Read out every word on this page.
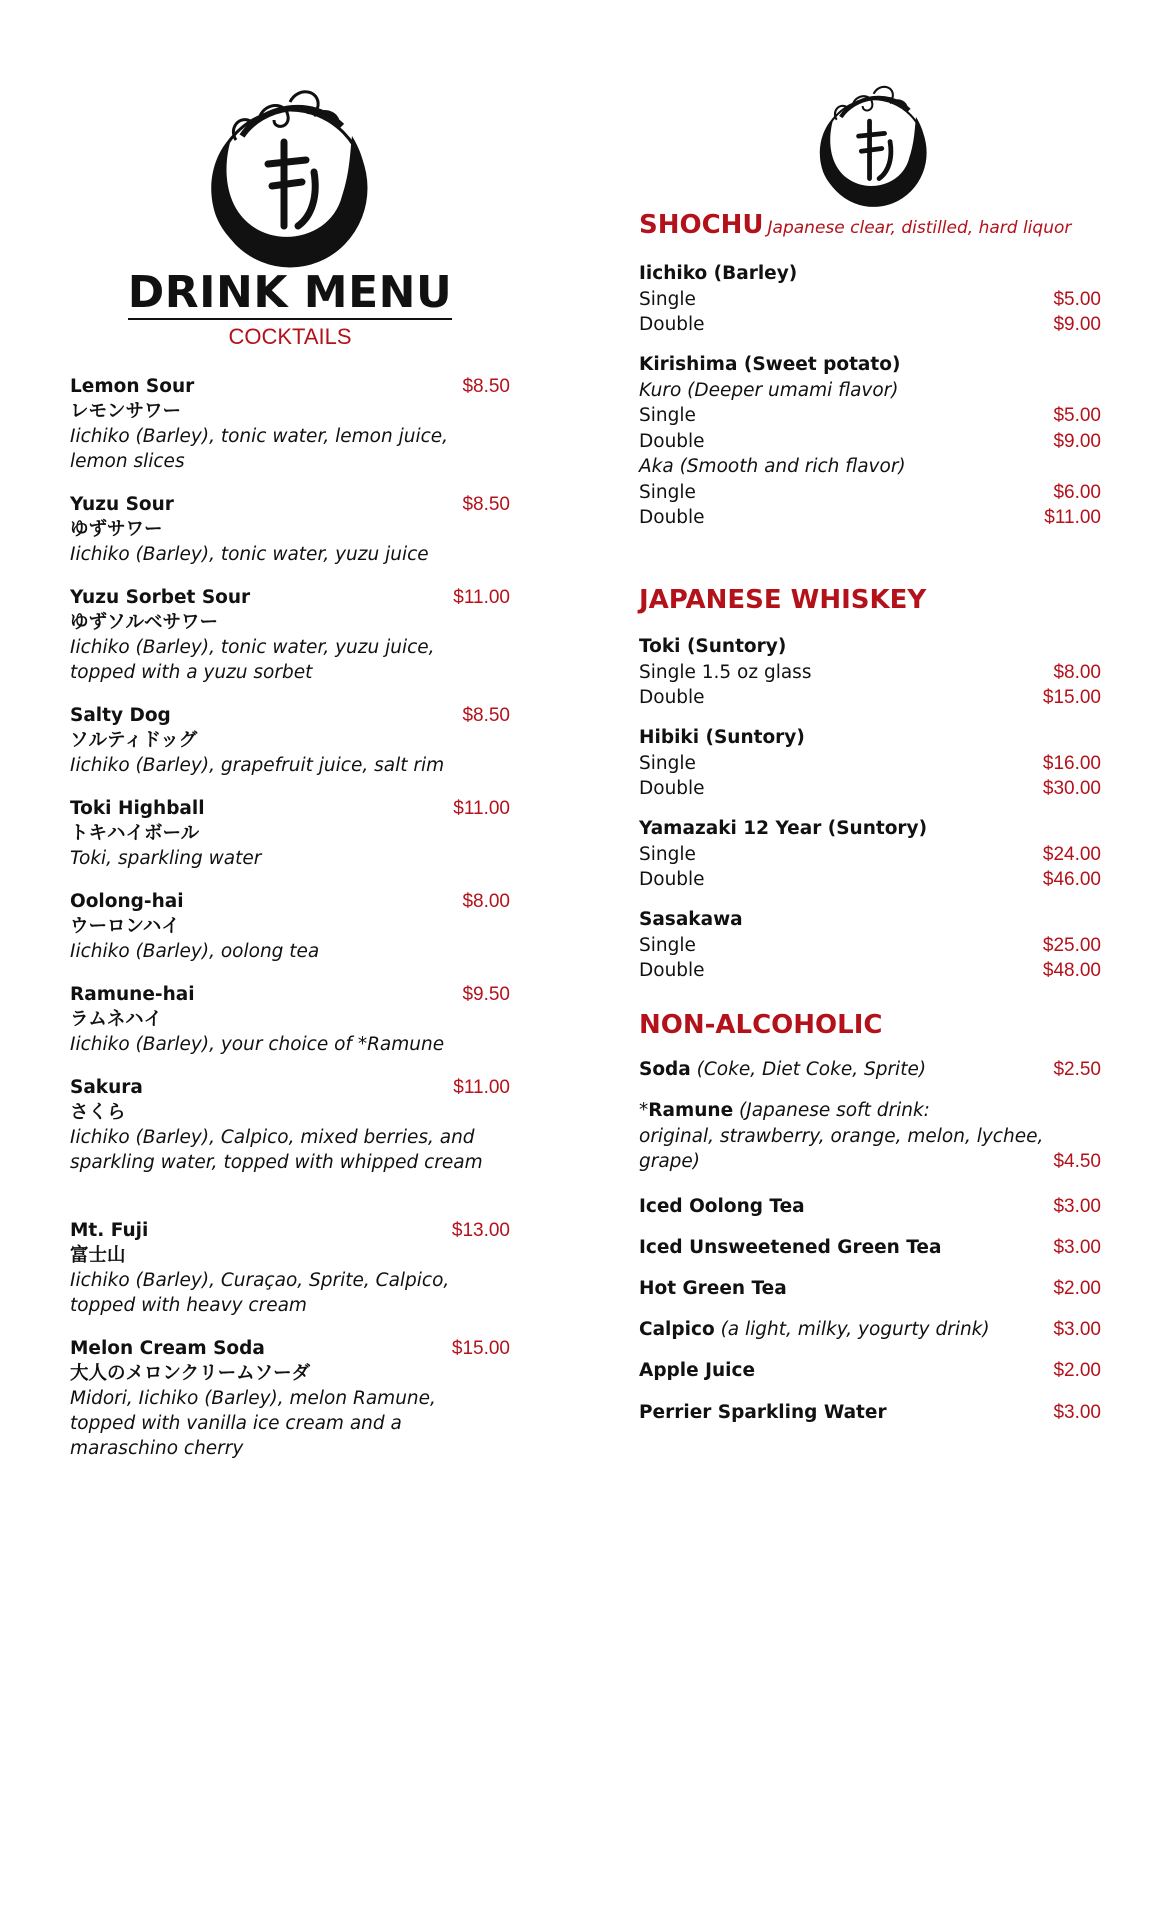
DRINK MENU
COCKTAILS
Lemon Sour	$8.50
レモンサワー
Iichiko (Barley), tonic water, lemon juice, lemon slices
Yuzu Sour	$8.50
ゆずサワー
Iichiko (Barley), tonic water, yuzu juice
Yuzu Sorbet Sour	$11.00
ゆずソルベサワー
Iichiko (Barley), tonic water, yuzu juice, topped with a yuzu sorbet
Salty Dog	$8.50
ソルティドッグ
Iichiko (Barley), grapefruit juice, salt rim
Toki Highball	$11.00
トキハイボール
Toki, sparkling water
Oolong-hai	$8.00
ウーロンハイ
Iichiko (Barley), oolong tea
Ramune-hai	$9.50
ラムネハイ
Iichiko (Barley), your choice of *Ramune
Sakura	$11.00
さくら
Iichiko (Barley), Calpico, mixed berries, and sparkling water, topped with whipped cream
Mt. Fuji	$13.00
富士山
Iichiko (Barley), Curaçao, Sprite, Calpico, topped with heavy cream
Melon Cream Soda	$15.00
大人のメロンクリームソーダ
Midori, Iichiko (Barley), melon Ramune, topped with vanilla ice cream and a maraschino cherry
SHOCHU Japanese clear, distilled, hard liquor
Iichiko (Barley)
Single	$5.00
Double	$9.00
Kirishima (Sweet potato)
Kuro (Deeper umami flavor)
Single	$5.00
Double	$9.00
Aka (Smooth and rich flavor)
Single	$6.00
Double	$11.00
JAPANESE WHISKEY
Toki (Suntory)
Single 1.5 oz glass	$8.00
Double	$15.00
Hibiki (Suntory)
Single	$16.00
Double	$30.00
Yamazaki 12 Year (Suntory)
Single	$24.00
Double	$46.00
Sasakawa
Single	$25.00
Double	$48.00
NON-ALCOHOLIC
Soda (Coke, Diet Coke, Sprite)	$2.50
*Ramune (Japanese soft drink:
original, strawberry, orange, melon, lychee,
grape)	$4.50
Iced Oolong Tea	$3.00
Iced Unsweetened Green Tea	$3.00
Hot Green Tea	$2.00
Calpico (a light, milky, yogurty drink)	$3.00
Apple Juice	$2.00
Perrier Sparkling Water	$3.00
